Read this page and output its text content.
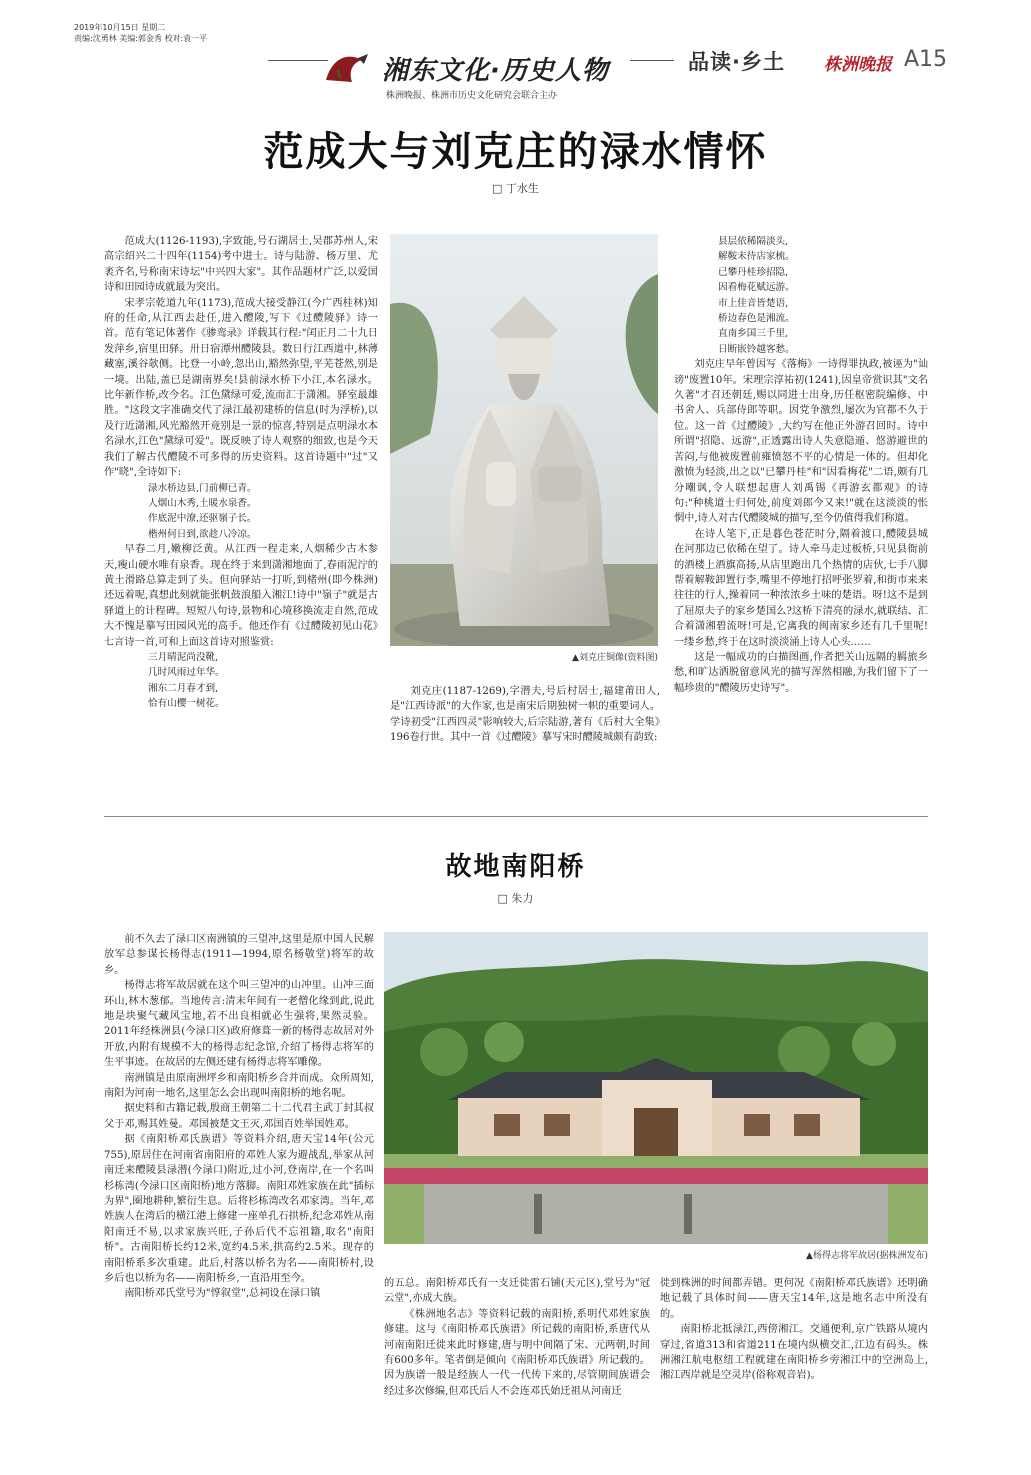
2019年10月15日 星期二
责编:沈勇林 美编:郭金秀 校对:袁一平
湘东文化·历史人物
株洲晚报、株洲市历史文化研究会联合主办
品读·乡土 株洲晚报 A15
范成大与刘克庄的渌水情怀
□ 丁水生

范成大(1126-1193),字致能,号石湖居士,吴郡苏州人,宋高宗绍兴二十四年(1154)考中进士。诗与陆游、杨万里、尤袤齐名,号称南宋诗坛"中兴四大家"。其作品题材广泛,以爱国诗和田园诗成就最为突出。

宋孝宗乾道九年(1173),范成大接受静江(今广西桂林)知府的任命,从江西去赴任,进入醴陵,写下《过醴陵驿》诗一首。范有笔记体著作《骖鸾录》详载其行程:"闰正月二十九日发萍乡,宿里田驿。卅日宿潭州醴陵县。数日行江西道中,林薄藏塞,溪谷欹侧。比登一小岭,忽出山,豁然弥望,平芜苍然,别是一境。出陆,盖已是湖南界矣!县前渌水桥下小江,本名渌水。比年新作桥,改今名。江色黛绿可爱,流而汇于潇湘。驿室最雄胜。"这段文字准确交代了渌江最初建桥的信息(时为浮桥),以及行近潇湘,风光豁然开竟别是一景的惊喜,特别是点明渌水本名渌水,江色"黛绿可爱"。既反映了诗人观察的细致,也是今天我们了解古代醴陵不可多得的历史资料。这首诗题中"过"又作"晓",全诗如下:

渌水桥边县,门前柳已青。

人烟山木秀,土暖水泉香。

作底泥中潦,还驱嶺子长。

楷州何日到,欲趁八冷凉。

早春二月,嫩柳泛黄。从江西一程走来,人烟稀少古木参天,瘦山硬水唯有泉香。现在终于来到潇湘地面了,春雨泥泞的黄土滑路总算走到了头。但向驿站一打听,到楮州(即今株洲)还远着呢,真想此刻就能张帆鼓浪船入湘江!诗中"嶺子"就是古驿道上的计程碑。短短八句诗,景物和心境移换流走自然,范成大不愧是摹写田园风光的高手。他还作有《过醴陵初见山花》七言诗一首,可和上面这首诗对照鉴赏:

三月晴泥尚没靴,

几时风雨过年华。

湘东二月春才到,

恰有山樱一树花。

▲刘克庄铜像(资料图)

刘克庄(1187-1269),字潜夫,号后村居士,福建莆田人,是"江西诗派"的大作家,也是南宋后期独树一帜的重要词人。学诗初受"江西四灵"影响较大,后宗陆游,著有《后村大全集》196卷行世。其中一首《过醴陵》摹写宋时醴陵城颇有韵致:

县层依稀隔淡头,

解鞍未待店家梳。

已攀丹桂珍招隐,

因看梅花赋远游。

市上佳音皆楚语,

桥边春色是湘流。

直南乡国三千里,

日断嵌铃越客愁。

刘克庄早年曾因写《落梅》一诗得罪执政,被诬为"讪谤"废置10年。宋理宗淳祐初(1241),因皇帝赏识其"文名久著"才召还朝廷,赐以同进士出身,历任枢密院编修、中书舍人、兵部侍郎等职。因党争激烈,屡次为官都不久于位。这一首《过醴陵》,大约写在他正外游召回时。诗中所谓"招隐、远游",正透露出诗人失意隐遁、悠游避世的苦闷,与他被废置前雍愤怒不平的心情是一体的。但却化激愤为轻淡,出之以"已攀丹桂"和"因看梅花"二语,颇有几分嘲讽,令人联想起唐人刘禹锡《再游玄都观》的诗句:"种桃道士归何处,前度刘郎今又来!"就在这淡淡的怅惘中,诗人对古代醴陵城的描写,至今仍值得我们称道。

在诗人笔下,正是暮色苍茫时分,隔着渡口,醴陵县城在河那边已依稀在望了。诗人牵马走过板桥,只见县衙前的酒楼上酒旗高扬,从店里跑出几个热情的店伙,七手八脚帮着解鞍卸置行李,嘴里不停地打招呼张罗着,和街市来来往往的行人,操着同一种浓浓乡土味的楚语。呀!这不是到了屈原夫子的家乡楚国么?这桥下清亮的渌水,就联结、汇合着潇湘碧流呀!可是,它离我的闽南家乡还有几千里呢!一缕乡愁,终于在这时淡淡涌上诗人心头……

这是一幅成功的白描图画,作者把关山远隔的羁旅乡愁,和旷达洒脱留意风光的描写浑然相融,为我们留下了一幅珍贵的"醴陵历史诗写"。

故地南阳桥
□ 朱力

前不久去了渌口区南洲镇的三望冲,这里是原中国人民解放军总参谋长杨得志(1911—1994,原名杨敬堂)将军的故乡。

杨得志将军故居就在这个叫三望冲的山冲里。山冲三面环山,林木葱郁。当地传言:清末年间有一老僧化缘到此,说此地是块聚气藏风宝地,若不出良相就必生强将,果然灵验。2011年经株洲县(今渌口区)政府修葺一新的杨得志故居对外开放,内附有规模不大的杨得志纪念馆,介绍了杨得志将军的生平事迹。在故居的左侧还建有杨得志将军雕像。

南洲镇是由原南洲坪乡和南阳桥乡合并而成。众所周知,南阳为河南一地名,这里怎么会出现叫南阳桥的地名呢。

据史料和古籍记载,殷商王朝第二十二代君主武丁封其叔父于邓,赐其姓曼。邓国被楚文王灭,邓国百姓举国姓邓。

据《南阳桥邓氏族谱》等资料介绍,唐天宝14年(公元755),原居住在河南省南阳府的邓姓人家为避战乱,举家从河南迁来醴陵县渌潜(今渌口)附近,过小河,登南岸,在一个名叫杉栋湾(今渌口区南阳桥)地方落脚。南阳邓姓家族在此"插标为界",圈地耕种,繁衍生息。后将杉栋湾改名邓家湾。当年,邓姓族人在湾后的横江港上修建一座单孔石拱桥,纪念邓姓从南阳南迁不易,以求家族兴旺,子孙后代不忘祖籍,取名"南阳桥"。古南阳桥长约12米,宽约4.5米,拱高约2.5米。现存的南阳桥系多次重建。此后,村落以桥名为名——南阳桥村,设乡后也以桥为名——南阳桥乡,一直沿用至今。

南阳桥邓氏堂号为"惇叙堂",总祠设在渌口镇

▲杨得志将军故居(据株洲发布)

的五总。南阳桥邓氏有一支迁徙雷石铺(天元区),堂号为"冠云堂",亦成大族。

《株洲地名志》等资料记载的南阳桥,系明代邓姓家族修建。这与《南阳桥邓氏族谱》所记载的南阳桥,系唐代从河南南阳迁徙来此时修建,唐与明中间隔了宋、元两朝,时间有600多年。笔者倒是倾向《南阳桥邓氏族谱》所记载的。因为族谱一般是经族人一代一代传下来的,尽管期间族谱会经过多次修编,但邓氏后人不会连邓氏始迁祖从河南迁

徙到株洲的时间都弄错。更何况《南阳桥邓氏族谱》还明确地记载了具体时间——唐天宝14年,这是地名志中所没有的。

南阳桥北抵渌江,西傍湘江。交通便利,京广铁路从境内穿过,省道313和省道211在境内纵横交汇,江边有码头。株洲湘江航电枢纽工程就建在南阳桥乡旁湘江中的空洲岛上,湘江西岸就是空灵岸(俗称观音岩)。
